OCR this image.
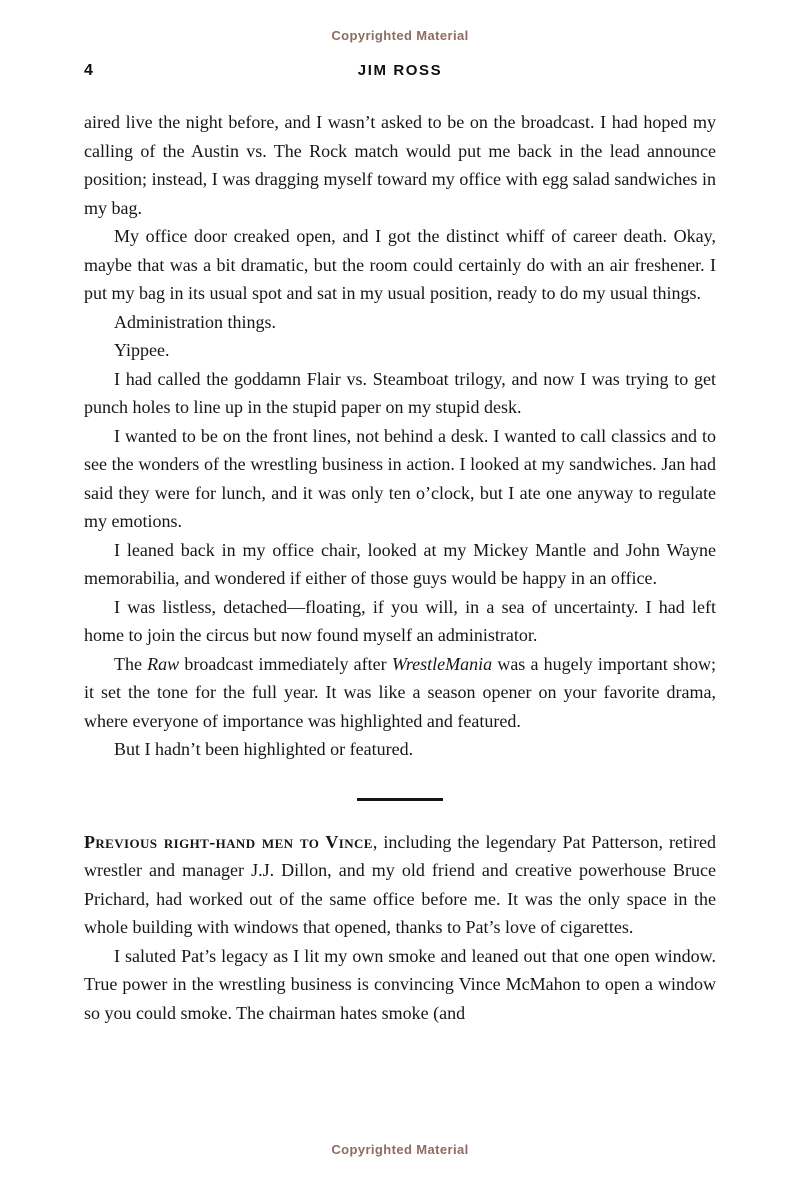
Copyrighted Material
4	JIM ROSS

aired live the night before, and I wasn’t asked to be on the broadcast. I had hoped my calling of the Austin vs. The Rock match would put me back in the lead announce position; instead, I was dragging myself toward my office with egg salad sandwiches in my bag.

My office door creaked open, and I got the distinct whiff of career death. Okay, maybe that was a bit dramatic, but the room could certainly do with an air freshener. I put my bag in its usual spot and sat in my usual position, ready to do my usual things.

Administration things.

Yippee.

I had called the goddamn Flair vs. Steamboat trilogy, and now I was trying to get punch holes to line up in the stupid paper on my stupid desk.

I wanted to be on the front lines, not behind a desk. I wanted to call classics and to see the wonders of the wrestling business in action. I looked at my sandwiches. Jan had said they were for lunch, and it was only ten o’clock, but I ate one anyway to regulate my emotions.

I leaned back in my office chair, looked at my Mickey Mantle and John Wayne memorabilia, and wondered if either of those guys would be happy in an office.

I was listless, detached—floating, if you will, in a sea of uncertainty. I had left home to join the circus but now found myself an administrator.

The Raw broadcast immediately after WrestleMania was a hugely important show; it set the tone for the full year. It was like a season opener on your favorite drama, where everyone of importance was highlighted and featured.

But I hadn’t been highlighted or featured.

Previous right-hand men to Vince, including the legendary Pat Patterson, retired wrestler and manager J.J. Dillon, and my old friend and creative powerhouse Bruce Prichard, had worked out of the same office before me. It was the only space in the whole building with windows that opened, thanks to Pat’s love of cigarettes.

I saluted Pat’s legacy as I lit my own smoke and leaned out that one open window. True power in the wrestling business is convincing Vince McMahon to open a window so you could smoke. The chairman hates smoke (and

Copyrighted Material
